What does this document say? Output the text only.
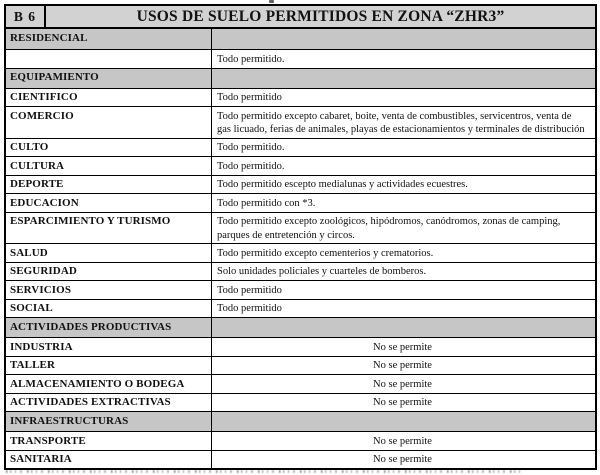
B 6	USOS DE SUELO PERMITIDOS EN ZONA “ZHR3”
RESIDENCIAL
Todo permitido.
EQUIPAMIENTO
CIENTIFICO	Todo permitido
COMERCIO	Todo permitido excepto cabaret, boite, venta de combustibles, servicentros, venta de gas licuado, ferias de animales, playas de estacionamientos y terminales de distribución
CULTO	Todo permitido.
CULTURA	Todo permitido.
DEPORTE	Todo permitido escepto medialunas y actividades ecuestres.
EDUCACION	Todo permitido con *3.
ESPARCIMIENTO Y TURISMO	Todo permitido excepto zoológicos, hipódromos, canódromos, zonas de camping, parques de entretención y circos.
SALUD	Todo permitido excepto cementerios y crematorios.
SEGURIDAD	Solo unidades policiales y cuarteles de bomberos.
SERVICIOS	Todo permitido
SOCIAL	Todo permitido
ACTIVIDADES PRODUCTIVAS
INDUSTRIA	No se permite
TALLER	No se permite
ALMACENAMIENTO O BODEGA	No se permite
ACTIVIDADES EXTRACTIVAS	No se permite
INFRAESTRUCTURAS
TRANSPORTE	No se permite
SANITARIA	No se permite
